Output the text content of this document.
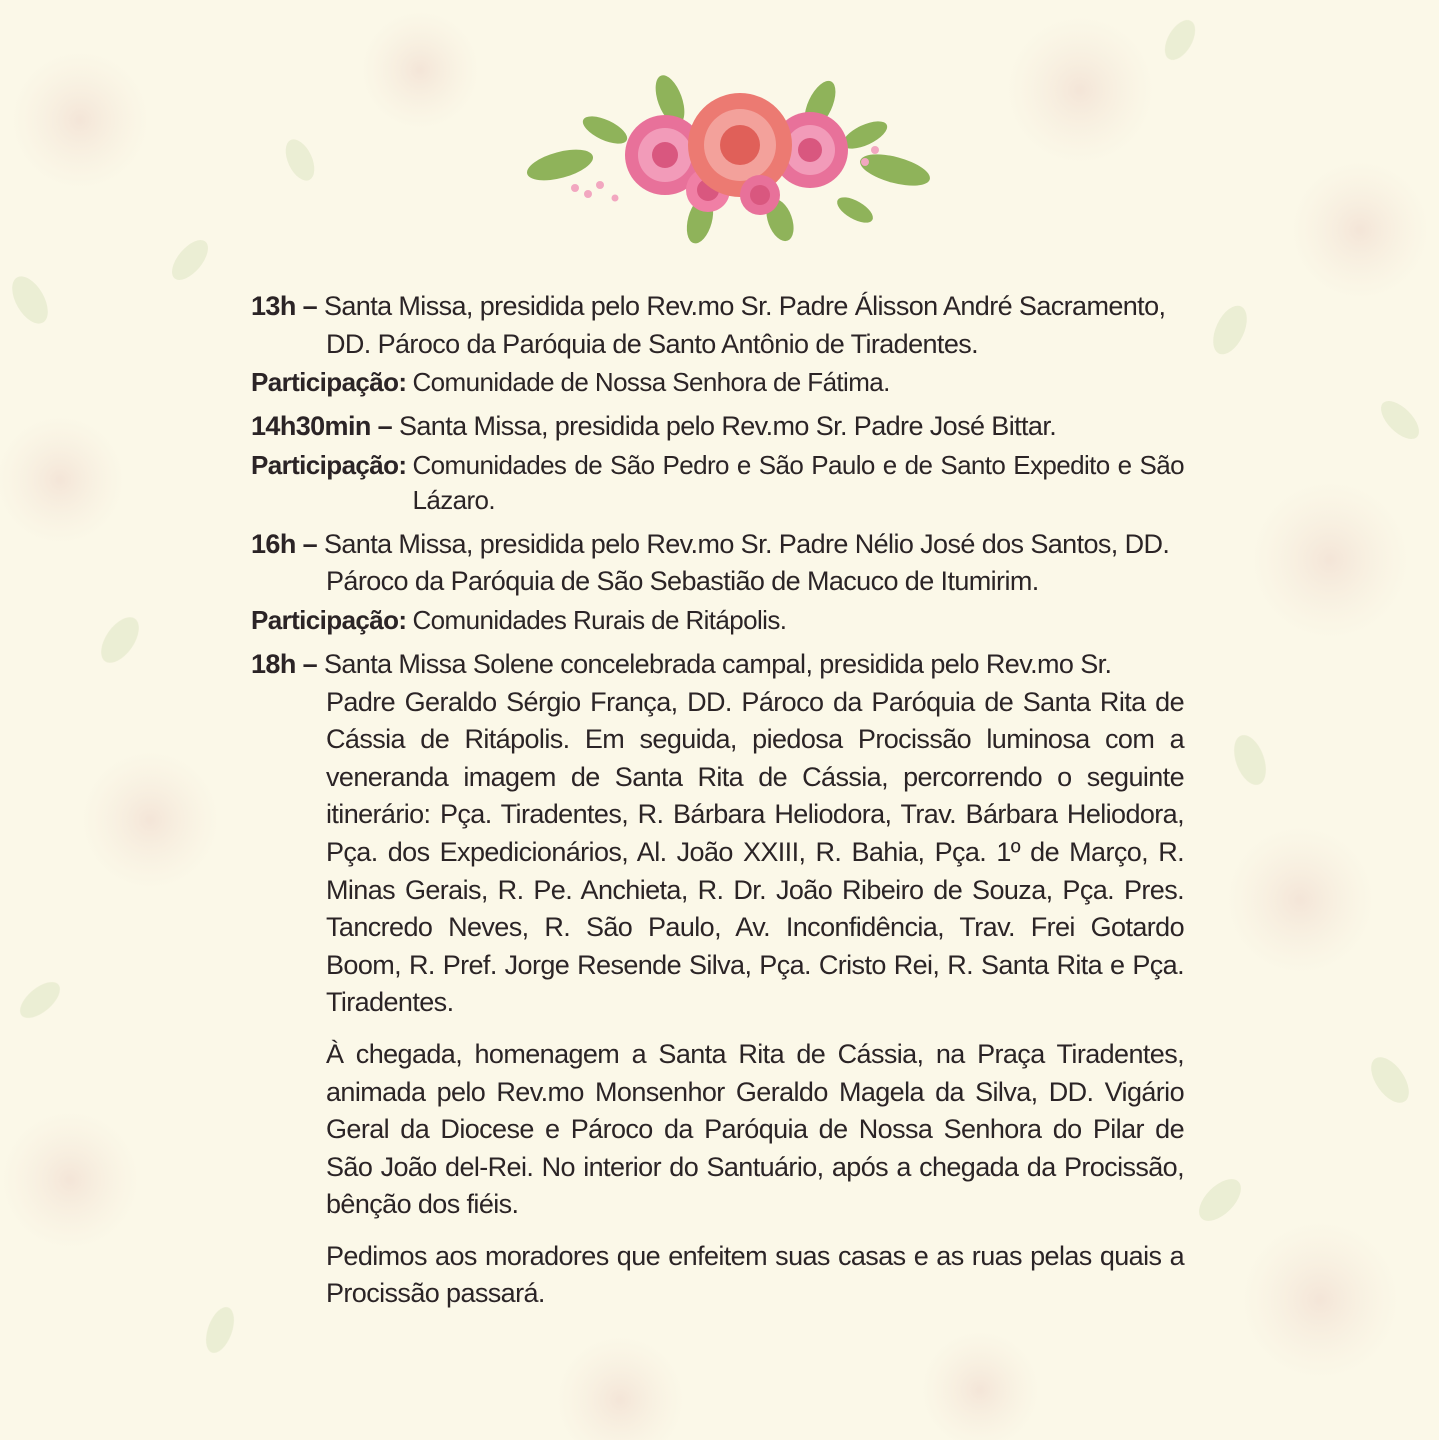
13h –
Santa Missa, presidida pelo Rev.mo Sr. Padre Álisson André Sacramento,
DD. Pároco da Paróquia de Santo Antônio de Tiradentes.
Participação: Comunidade de Nossa Senhora de Fátima.
14h30min –
Santa Missa, presidida pelo Rev.mo Sr. Padre José Bittar.
Participação: Comunidades de São Pedro e São Paulo e de Santo Expedito e São Lázaro.
16h –
Santa Missa, presidida pelo Rev.mo Sr. Padre Nélio José dos Santos, DD.
Pároco da Paróquia de São Sebastião de Macuco de Itumirim.
Participação: Comunidades Rurais de Ritápolis.
18h –
Santa Missa Solene concelebrada campal, presidida pelo Rev.mo Sr.

Padre Geraldo Sérgio França, DD. Pároco da Paróquia de Santa Rita de Cássia de Ritápolis. Em seguida, piedosa Procissão luminosa com a veneranda imagem de Santa Rita de Cássia, percorrendo o seguinte itinerário: Pça. Tiradentes, R. Bárbara Heliodora, Trav. Bárbara Heliodora, Pça. dos Expedicionários, Al. João XXIII, R. Bahia, Pça. 1º de Março, R. Minas Gerais, R. Pe. Anchieta, R. Dr. João Ribeiro de Souza, Pça. Pres. Tancredo Neves, R. São Paulo, Av. Inconfidência, Trav. Frei Gotardo Boom, R. Pref. Jorge Resende Silva, Pça. Cristo Rei, R. Santa Rita e Pça. Tiradentes.

À chegada, homenagem a Santa Rita de Cássia, na Praça Tiradentes, animada pelo Rev.mo Monsenhor Geraldo Magela da Silva, DD. Vigário Geral da Diocese e Pároco da Paróquia de Nossa Senhora do Pilar de São João del-Rei. No interior do Santuário, após a chegada da Procissão, bênção dos fiéis.

Pedimos aos moradores que enfeitem suas casas e as ruas pelas quais a Procissão passará.
